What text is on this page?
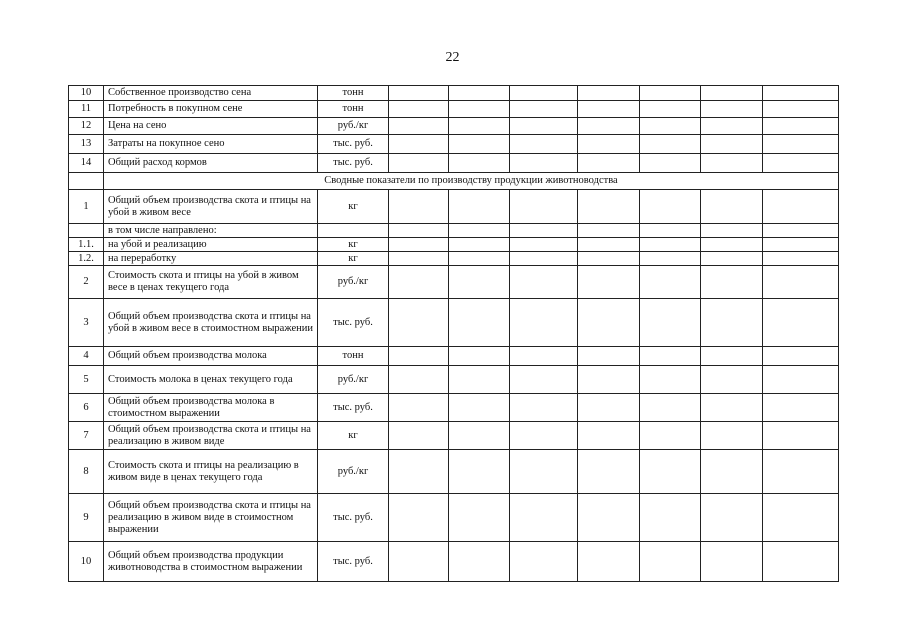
22
10	Собственное производство сена	тонн							
11	Потребность в покупном сене	тонн							
12	Цена на сено	руб./кг							
13	Затраты на покупное сено	тыс. руб.							
14	Общий расход кормов	тыс. руб.							
	Сводные показатели по производству продукции животноводства								
1	Общий объем производства скота и птицы на убой в живом весе	кг							
	в том числе направлено:								
1.1.	на убой и реализацию	кг							
1.2.	на переработку	кг							
2	Стоимость скота и птицы на убой в живом весе в ценах текущего года	руб./кг							
3	Общий объем производства скота и птицы на убой в живом весе в стоимостном выражении	тыс. руб.							
4	Общий объем производства молока	тонн							
5	Стоимость молока в ценах текущего года	руб./кг							
6	Общий объем производства молока в стоимостном выражении	тыс. руб.							
7	Общий объем производства скота и птицы на реализацию в живом виде	кг							
8	Стоимость скота и птицы на реализацию в живом виде в ценах текущего года	руб./кг							
9	Общий объем производства скота и птицы на реализацию в живом виде в стоимостном выражении	тыс. руб.							
10	Общий объем производства продукции животноводства в стоимостном выражении	тыс. руб.							
